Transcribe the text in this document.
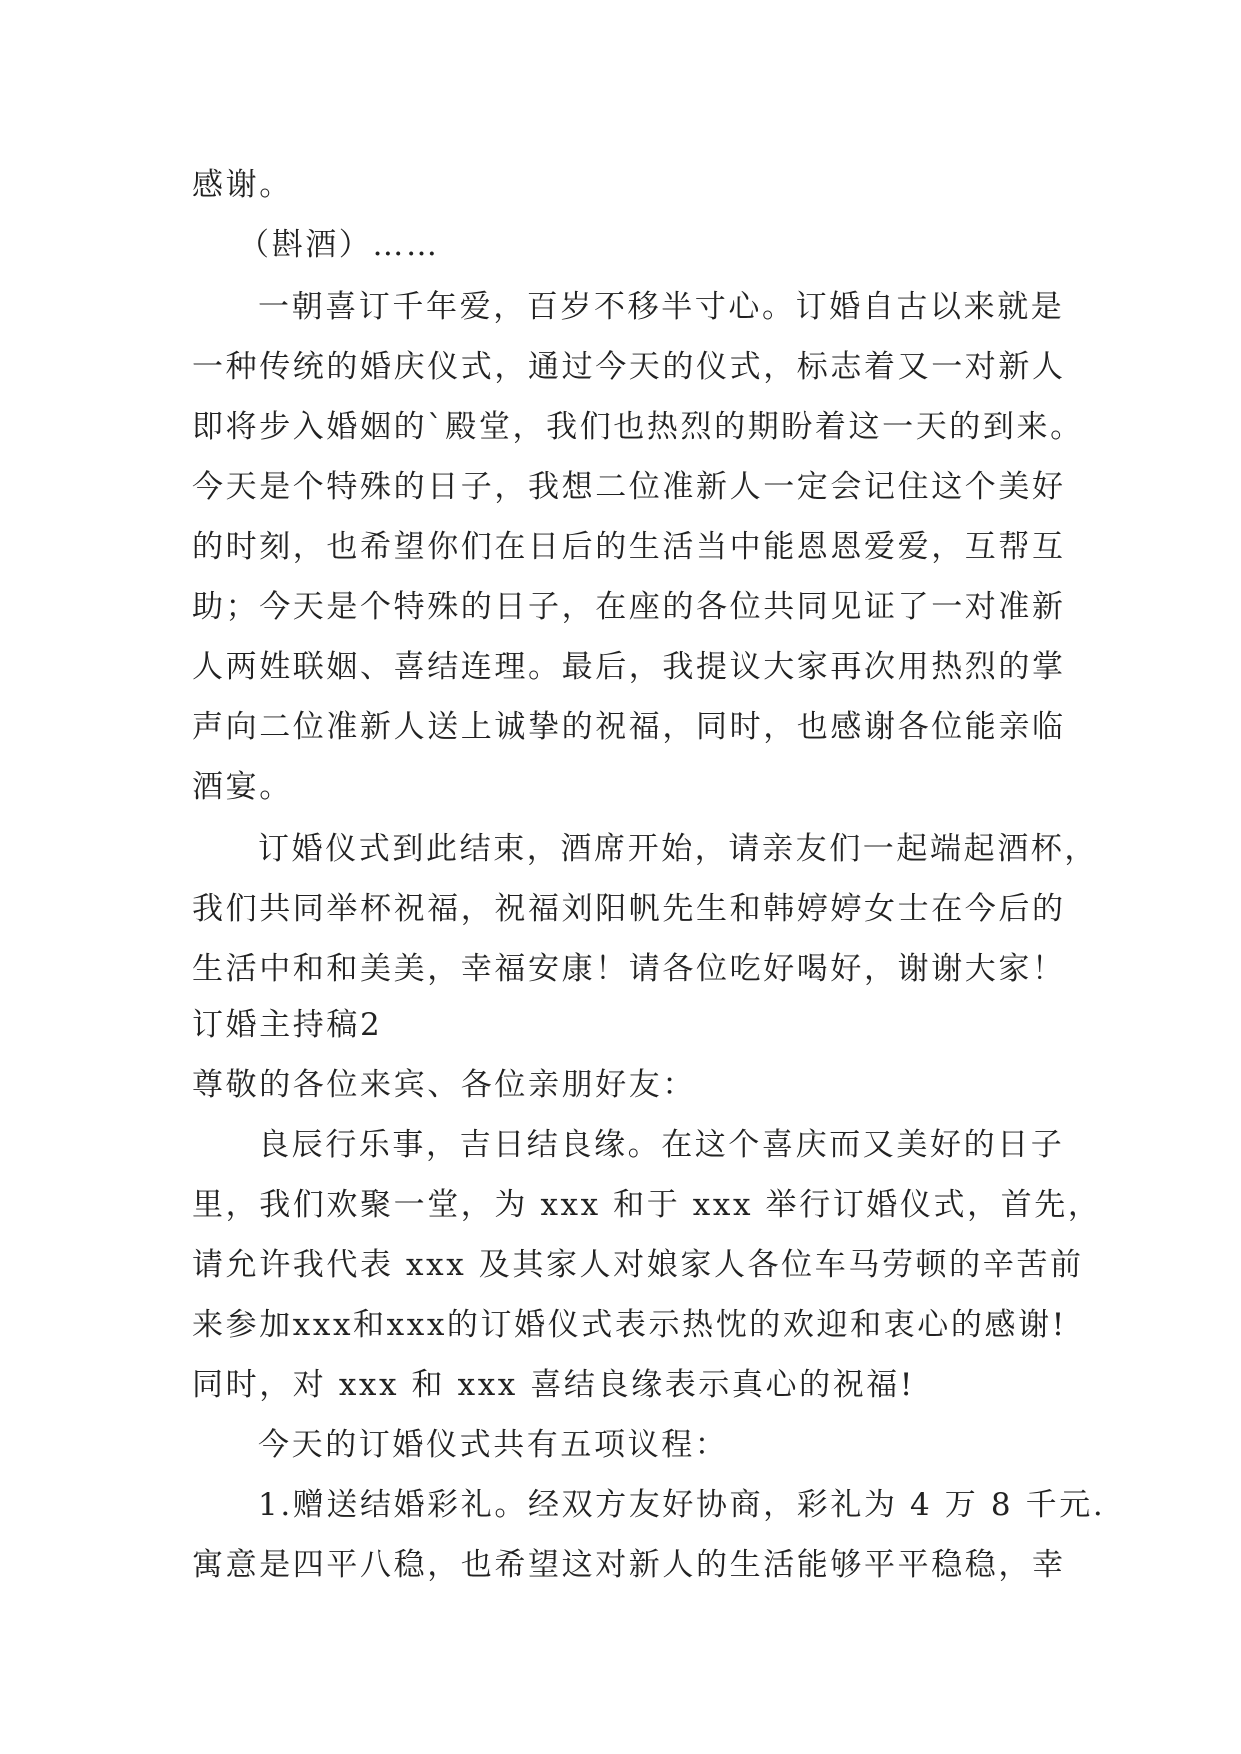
感谢。
（斟酒）……
一朝喜订千年爱，百岁不移半寸心。订婚自古以来就是
一种传统的婚庆仪式，通过今天的仪式，标志着又一对新人
即将步入婚姻的`殿堂，我们也热烈的期盼着这一天的到来。
今天是个特殊的日子，我想二位准新人一定会记住这个美好
的时刻，也希望你们在日后的生活当中能恩恩爱爱，互帮互
助；今天是个特殊的日子，在座的各位共同见证了一对准新
人两姓联姻、喜结连理。最后，我提议大家再次用热烈的掌
声向二位准新人送上诚挚的祝福，同时，也感谢各位能亲临
酒宴。
订婚仪式到此结束，酒席开始，请亲友们一起端起酒杯，
我们共同举杯祝福，祝福刘阳帆先生和韩婷婷女士在今后的
生活中和和美美，幸福安康！请各位吃好喝好，谢谢大家！
订婚主持稿2
尊敬的各位来宾、各位亲朋好友：
良辰行乐事，吉日结良缘。在这个喜庆而又美好的日子
里，我们欢聚一堂，为 xxx 和于 xxx 举行订婚仪式，首先，
请允许我代表 xxx 及其家人对娘家人各位车马劳顿的辛苦前
来参加xxx和xxx的订婚仪式表示热忱的欢迎和衷心的感谢!
同时，对 xxx 和 xxx 喜结良缘表示真心的祝福!
今天的订婚仪式共有五项议程：
1.赠送结婚彩礼。经双方友好协商，彩礼为 4 万 8 千元.
寓意是四平八稳，也希望这对新人的生活能够平平稳稳，幸
